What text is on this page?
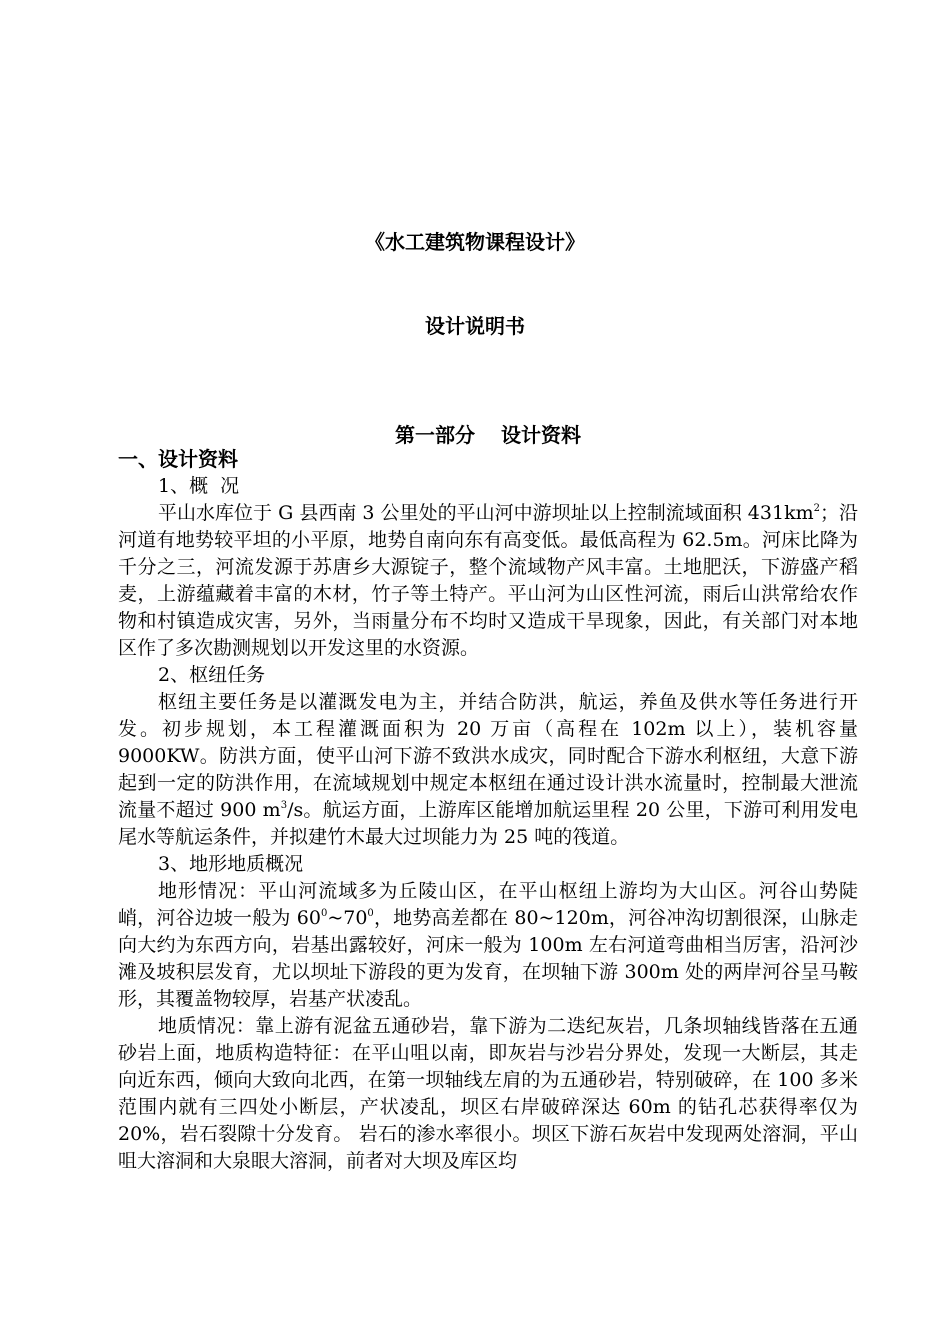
《水工建筑物课程设计》
设计说明书
第一部分 设计资料
一、设计资料
1、概 况

平山水库位于 G 县西南 3 公里处的平山河中游坝址以上控制流域面积 $431km^2$；沿河道有地势较平坦的小平原，地势自南向东有高变低。最低高程为 62.5m。河床比降为千分之三，河流发源于苏唐乡大源锭子，整个流域物产风丰富。土地肥沃，下游盛产稻麦，上游蕴藏着丰富的木材，竹子等土特产。平山河为山区性河流，雨后山洪常给农作物和村镇造成灾害，另外，当雨量分布不均时又造成干旱现象，因此，有关部门对本地区作了多次勘测规划以开发这里的水资源。

2、枢纽任务

枢纽主要任务是以灌溉发电为主，并结合防洪，航运，养鱼及供水等任务进行开发。初步规划，本工程灌溉面积为 20 万亩（高程在 102m 以上），装机容量 9000KW。防洪方面，使平山河下游不致洪水成灾，同时配合下游水利枢纽，大意下游起到一定的防洪作用，在流域规划中规定本枢纽在通过设计洪水流量时，控制最大泄流流量不超过 900 $m^3/s$。航运方面，上游库区能增加航运里程 20 公里，下游可利用发电尾水等航运条件，并拟建竹木最大过坝能力为 25 吨的筏道。

3、地形地质概况

地形情况：平山河流域多为丘陵山区，在平山枢纽上游均为大山区。河谷山势陡峭，河谷边坡一般为 $60^0\sim 70^0$，地势高差都在 80~120m，河谷冲沟切割很深，山脉走向大约为东西方向，岩基出露较好，河床一般为 100m 左右河道弯曲相当厉害，沿河沙滩及坡积层发育，尤以坝址下游段的更为发育，在坝轴下游 300m 处的两岸河谷呈马鞍形，其覆盖物较厚，岩基产状凌乱。

地质情况：靠上游有泥盆五通砂岩，靠下游为二迭纪灰岩，几条坝轴线皆落在五通砂岩上面，地质构造特征：在平山咀以南，即灰岩与沙岩分界处，发现一大断层，其走向近东西，倾向大致向北西，在第一坝轴线左肩的为五通砂岩，特别破碎，在 100 多米范围内就有三四处小断层，产状凌乱，坝区右岸破碎深达 60m 的钻孔芯获得率仅为 20%，岩石裂隙十分发育。 岩石的渗水率很小。坝区下游石灰岩中发现两处溶洞，平山咀大溶洞和大泉眼大溶洞，前者对大坝及库区均
